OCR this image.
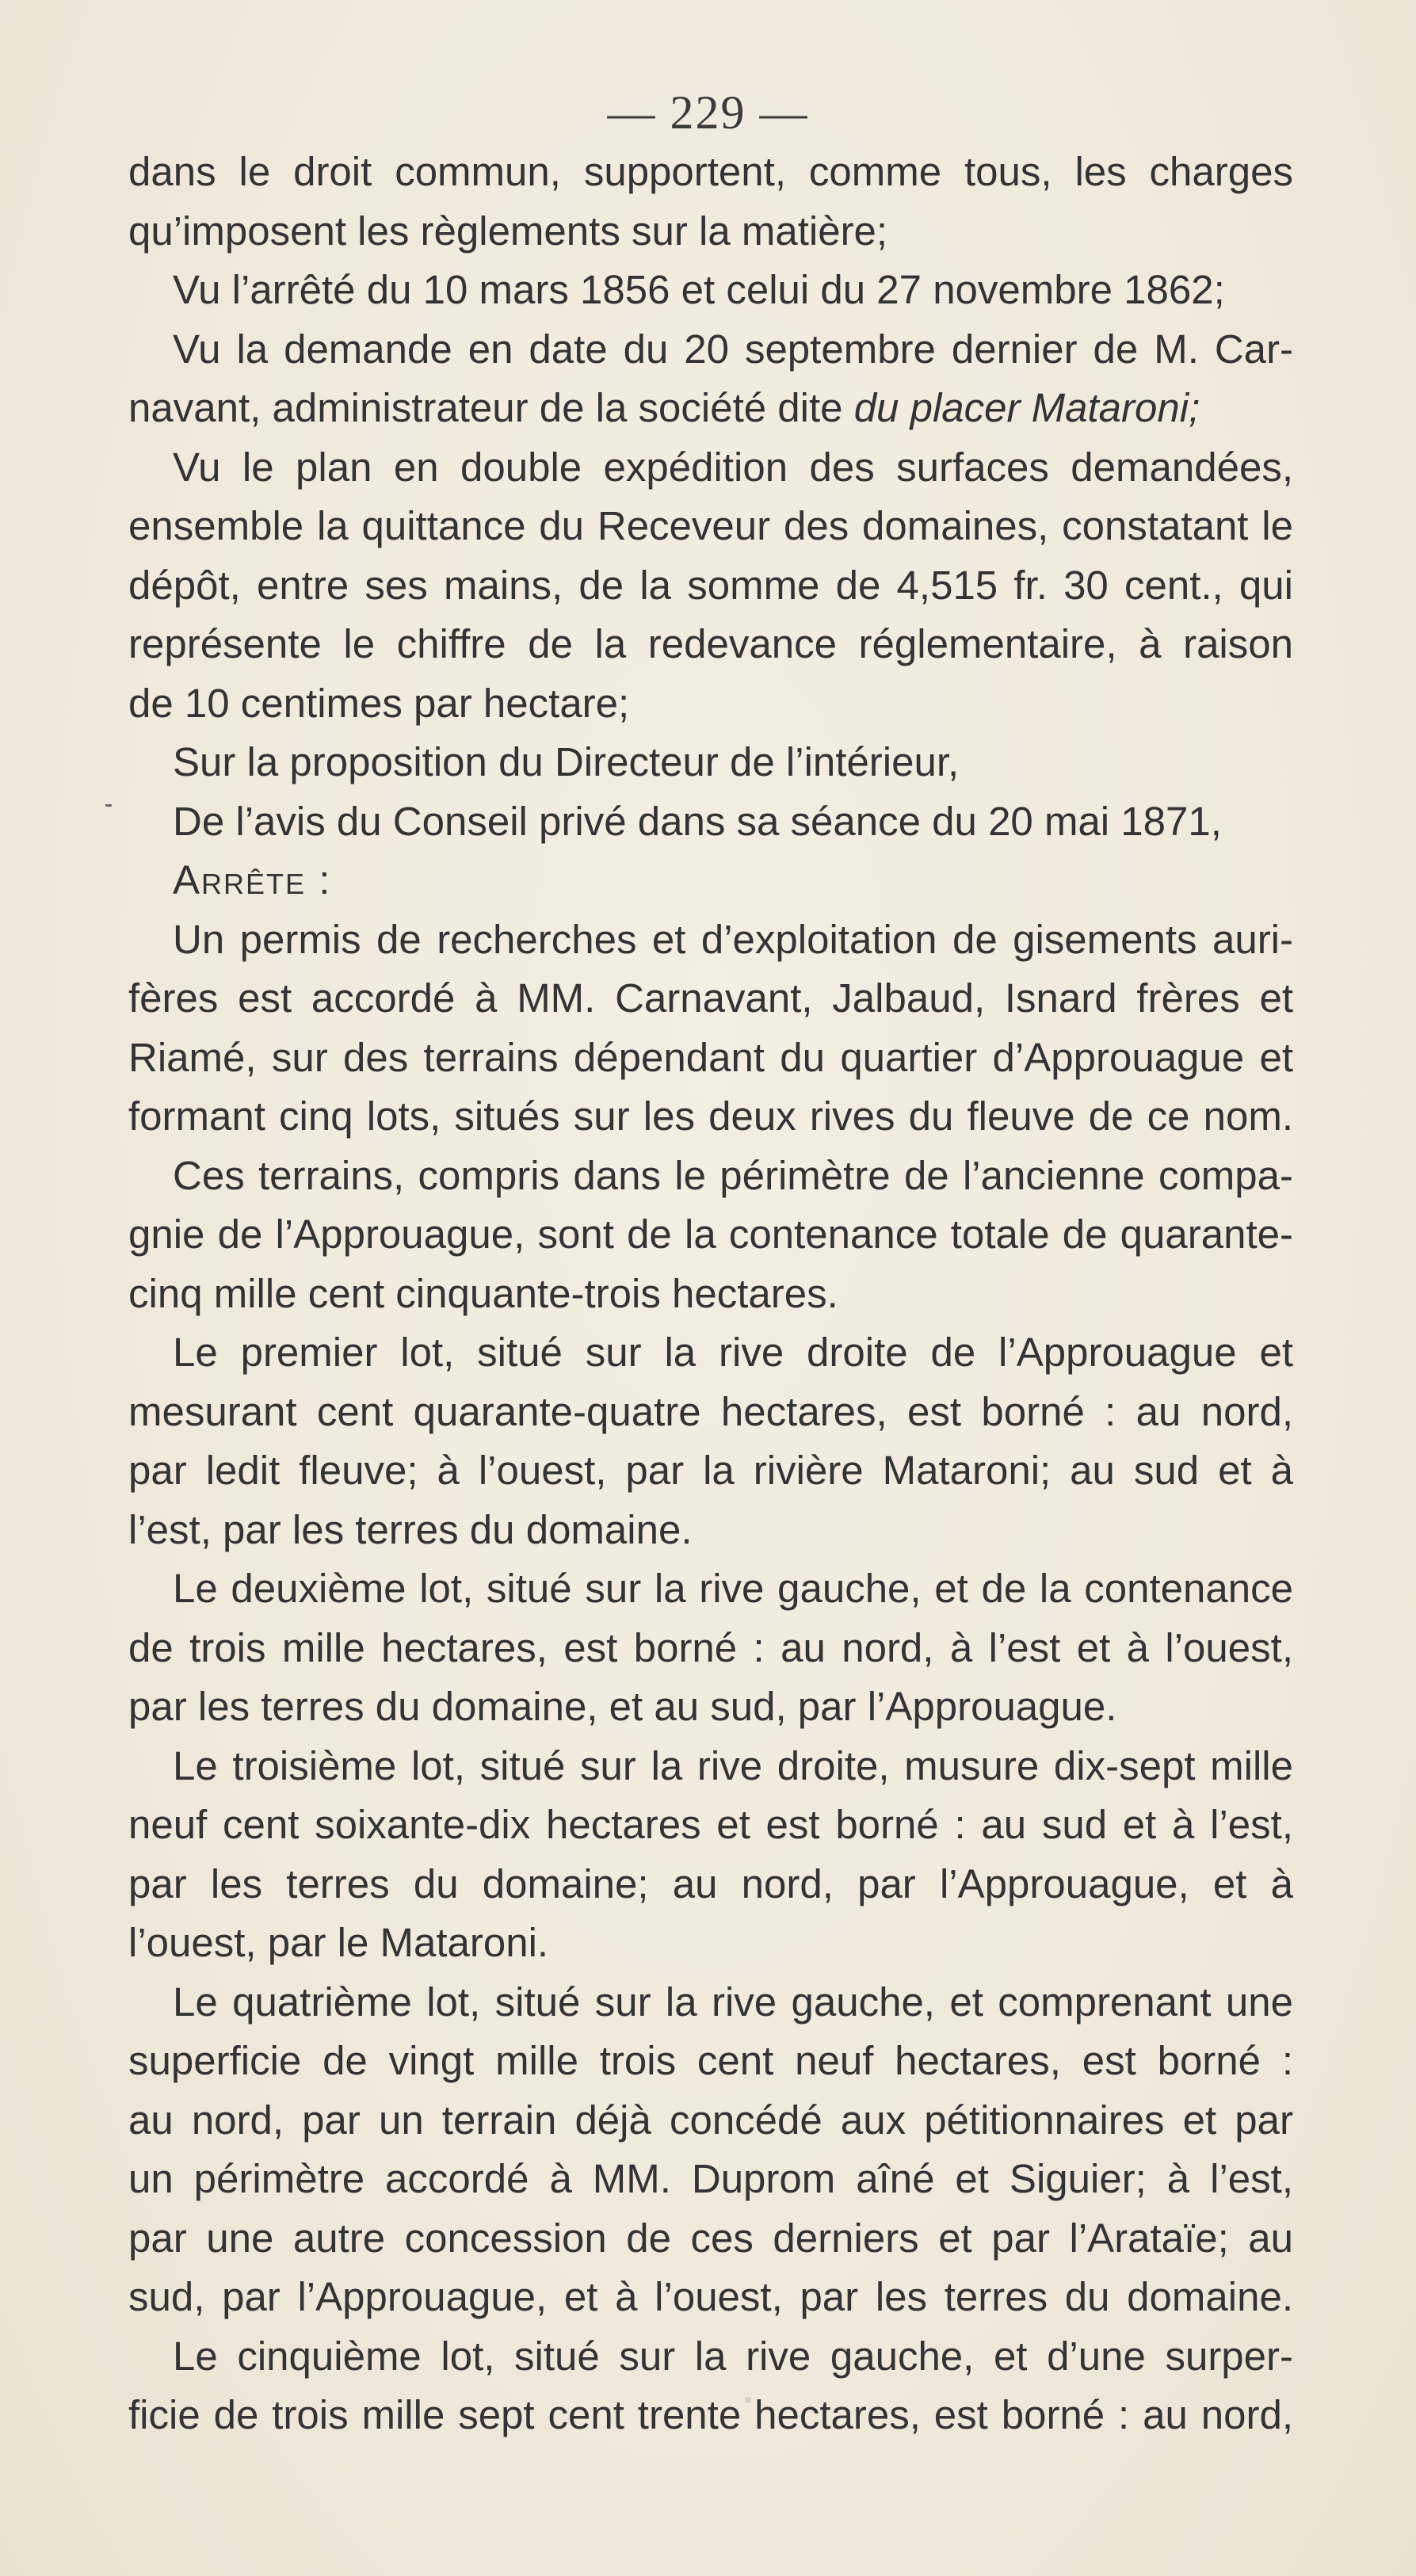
— 229 —
dans le droit commun, supportent, comme tous, les charges
qu’imposent les règlements sur la matière;
Vu l’arrêté du 10 mars 1856 et celui du 27 novembre 1862;
Vu la demande en date du 20 septembre dernier de M. Car-
navant, administrateur de la société dite du placer Mataroni;
Vu le plan en double expédition des surfaces demandées,
ensemble la quittance du Receveur des domaines, constatant le
dépôt, entre ses mains, de la somme de 4,515 fr. 30 cent., qui
représente le chiffre de la redevance réglementaire, à raison
de 10 centimes par hectare;
Sur la proposition du Directeur de l’intérieur,
De l’avis du Conseil privé dans sa séance du 20 mai 1871,
Arrête :
Un permis de recherches et d’exploitation de gisements auri-
fères est accordé à MM. Carnavant, Jalbaud, Isnard frères et
Riamé, sur des terrains dépendant du quartier d’Approuague et
formant cinq lots, situés sur les deux rives du fleuve de ce nom.
Ces terrains, compris dans le périmètre de l’ancienne compa-
gnie de l’Approuague, sont de la contenance totale de quarante-
cinq mille cent cinquante-trois hectares.
Le premier lot, situé sur la rive droite de l’Approuague et
mesurant cent quarante-quatre hectares, est borné : au nord,
par ledit fleuve; à l’ouest, par la rivière Mataroni; au sud et à
l’est, par les terres du domaine.
Le deuxième lot, situé sur la rive gauche, et de la contenance
de trois mille hectares, est borné : au nord, à l’est et à l’ouest,
par les terres du domaine, et au sud, par l’Approuague.
Le troisième lot, situé sur la rive droite, musure dix-sept mille
neuf cent soixante-dix hectares et est borné : au sud et à l’est,
par les terres du domaine; au nord, par l’Approuague, et à
l’ouest, par le Mataroni.
Le quatrième lot, situé sur la rive gauche, et comprenant une
superficie de vingt mille trois cent neuf hectares, est borné :
au nord, par un terrain déjà concédé aux pétitionnaires et par
un périmètre accordé à MM. Duprom aîné et Siguier; à l’est,
par une autre concession de ces derniers et par l’Arataïe; au
sud, par l’Approuague, et à l’ouest, par les terres du domaine.
Le cinquième lot, situé sur la rive gauche, et d’une surper-
ficie de trois mille sept cent trente hectares, est borné : au nord,
